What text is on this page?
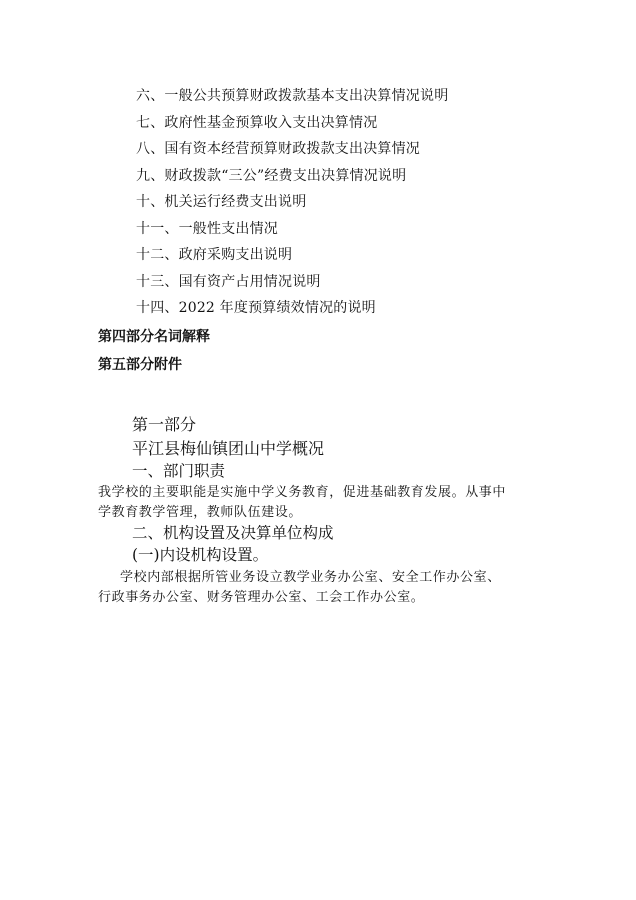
六、一般公共预算财政拨款基本支出决算情况说明
七、政府性基金预算收入支出决算情况
八、国有资本经营预算财政拨款支出决算情况
九、财政拨款“三公”经费支出决算情况说明
十、机关运行经费支出说明
十一、一般性支出情况
十二、政府采购支出说明
十三、国有资产占用情况说明
十四、2022 年度预算绩效情况的说明
第四部分名词解释
第五部分附件
第一部分
平江县梅仙镇团山中学概况
一、部门职责
我学校的主要职能是实施中学义务教育，促进基础教育发展。从事中
学教育教学管理，教师队伍建设。
二、机构设置及决算单位构成
(一)内设机构设置。
学校内部根据所管业务设立教学业务办公室、安全工作办公室、
行政事务办公室、财务管理办公室、工会工作办公室。
